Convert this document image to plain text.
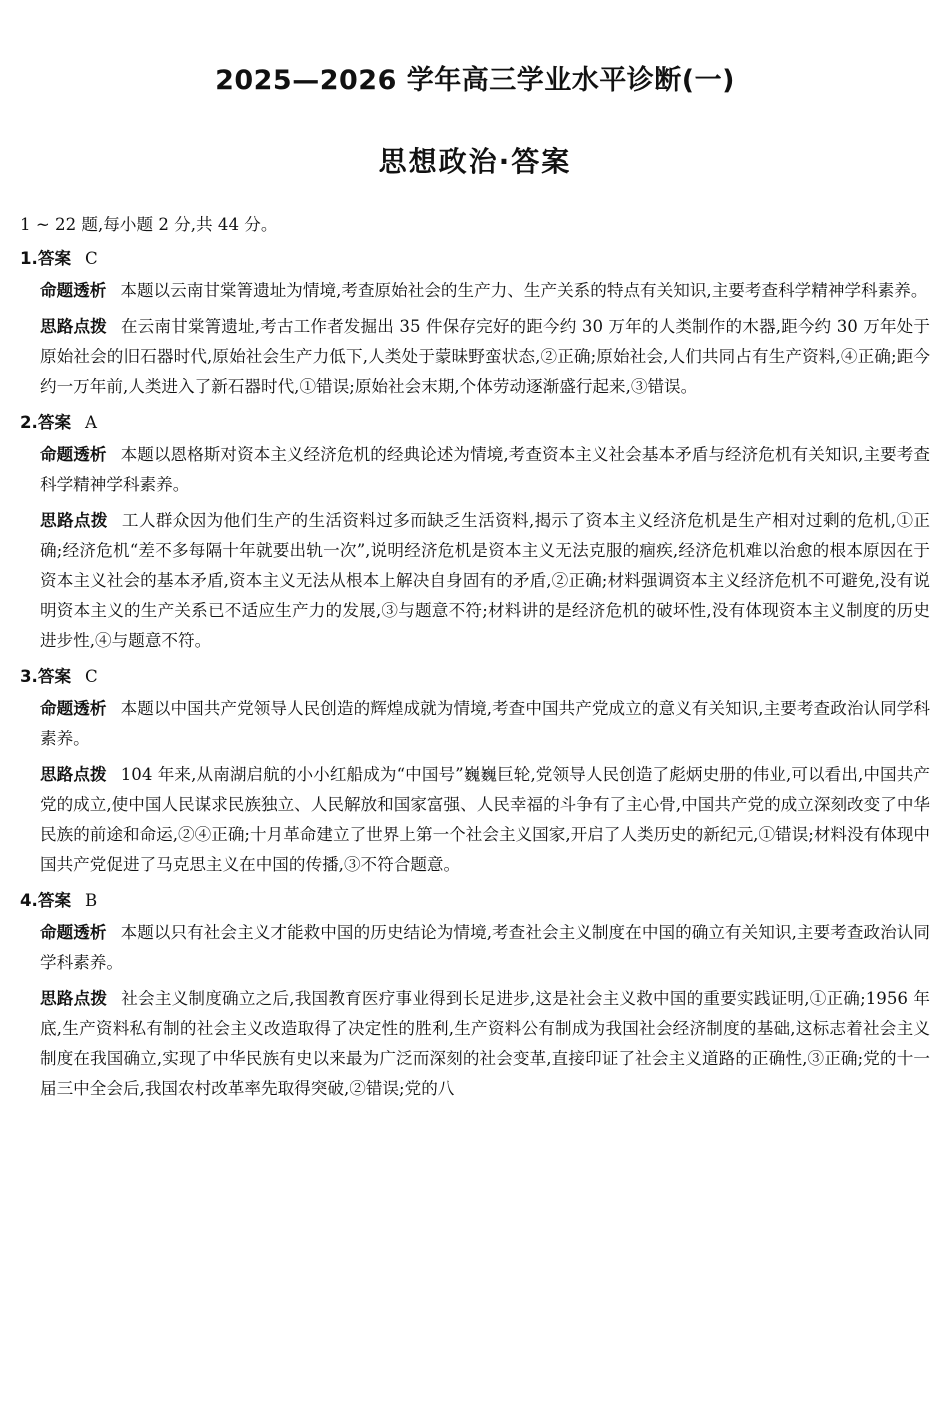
2025—2026 学年高三学业水平诊断(一)
思想政治·答案

1 ~ 22 题,每小题 2 分,共 44 分。

1.答案 C

命题透析 本题以云南甘棠箐遗址为情境,考查原始社会的生产力、生产关系的特点有关知识,主要考查科学精神学科素养。

思路点拨 在云南甘棠箐遗址,考古工作者发掘出 35 件保存完好的距今约 30 万年的人类制作的木器,距今约 30 万年处于原始社会的旧石器时代,原始社会生产力低下,人类处于蒙昧野蛮状态,②正确;原始社会,人们共同占有生产资料,④正确;距今约一万年前,人类进入了新石器时代,①错误;原始社会末期,个体劳动逐渐盛行起来,③错误。

2.答案 A

命题透析 本题以恩格斯对资本主义经济危机的经典论述为情境,考查资本主义社会基本矛盾与经济危机有关知识,主要考查科学精神学科素养。

思路点拨 工人群众因为他们生产的生活资料过多而缺乏生活资料,揭示了资本主义经济危机是生产相对过剩的危机,①正确;经济危机“差不多每隔十年就要出轨一次”,说明经济危机是资本主义无法克服的痼疾,经济危机难以治愈的根本原因在于资本主义社会的基本矛盾,资本主义无法从根本上解决自身固有的矛盾,②正确;材料强调资本主义经济危机不可避免,没有说明资本主义的生产关系已不适应生产力的发展,③与题意不符;材料讲的是经济危机的破坏性,没有体现资本主义制度的历史进步性,④与题意不符。

3.答案 C

命题透析 本题以中国共产党领导人民创造的辉煌成就为情境,考查中国共产党成立的意义有关知识,主要考查政治认同学科素养。

思路点拨 104 年来,从南湖启航的小小红船成为“中国号”巍巍巨轮,党领导人民创造了彪炳史册的伟业,可以看出,中国共产党的成立,使中国人民谋求民族独立、人民解放和国家富强、人民幸福的斗争有了主心骨,中国共产党的成立深刻改变了中华民族的前途和命运,②④正确;十月革命建立了世界上第一个社会主义国家,开启了人类历史的新纪元,①错误;材料没有体现中国共产党促进了马克思主义在中国的传播,③不符合题意。

4.答案 B

命题透析 本题以只有社会主义才能救中国的历史结论为情境,考查社会主义制度在中国的确立有关知识,主要考查政治认同学科素养。

思路点拨 社会主义制度确立之后,我国教育医疗事业得到长足进步,这是社会主义救中国的重要实践证明,①正确;1956 年底,生产资料私有制的社会主义改造取得了决定性的胜利,生产资料公有制成为我国社会经济制度的基础,这标志着社会主义制度在我国确立,实现了中华民族有史以来最为广泛而深刻的社会变革,直接印证了社会主义道路的正确性,③正确;党的十一届三中全会后,我国农村改革率先取得突破,②错误;党的八
